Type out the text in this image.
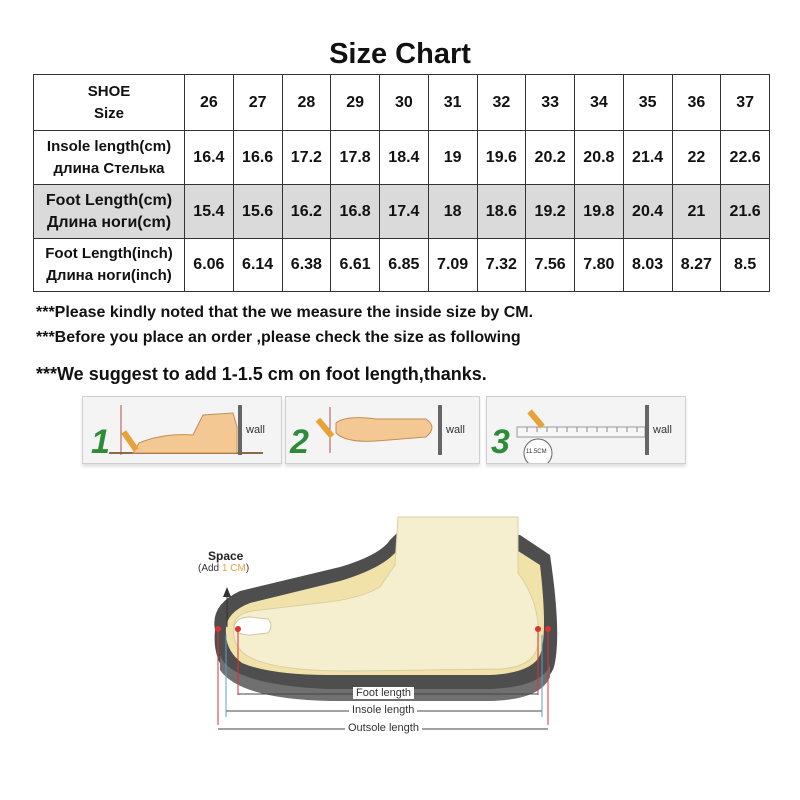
Size Chart
SHOE
Size	26	27	28	29	30	31	32	33	34	35	36	37

Insole length(cm)
длина Стелька	16.4	16.6	17.2	17.8	18.4	19	19.6	20.2	20.8	21.4	22	22.6

Foot Length(cm)
Длина ноги(cm)	15.4	15.6	16.2	16.8	17.4	18	18.6	19.2	19.8	20.4	21	21.6

Foot Length(inch)
Длина ноги(inch)	6.06	6.14	6.38	6.61	6.85	7.09	7.32	7.56	7.80	8.03	8.27	8.5
***Please kindly noted that the we measure the inside size by CM.
***Before you place an order ,please check the size as following
***We suggest to add 1-1.5 cm on foot length,thanks.
1	wall 2	wall 3	wall
11.5CM
Space
(Add 1 CM)
Foot length
Insole length
Outsole length
